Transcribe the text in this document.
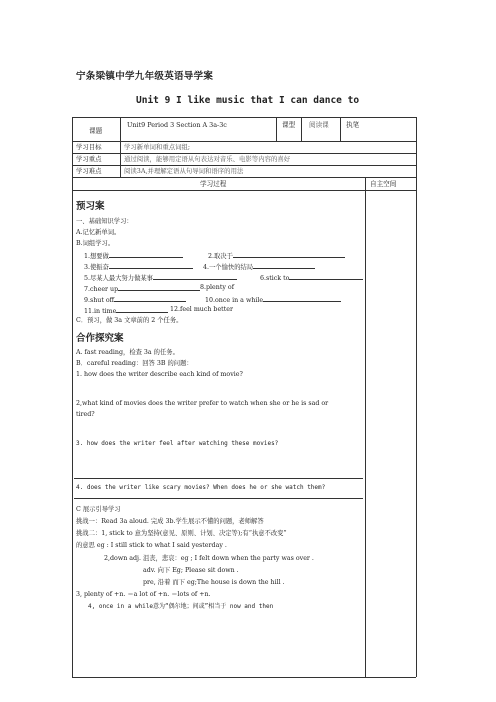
宁条梁镇中学九年级英语导学案
Unit 9 I like music that I can dance to
课题
Unit9 Period 3 Section A 3a-3c	课型 阅读课	执笔
学习目标	学习新单词和重点词组;
学习重点	通过阅读，能够用定语从句表达对音乐、电影等内容的喜好
学习难点	阅读3A,并理解定语从句导词和语序的用法
学习过程	自主空间
预习案
一、基础知识学习：
A.记忆新单词。
B.词组学习。
1.想要做	2.取决于
3.使振奋	4.一个愉快的结局
5.尽某人最大努力做某事	6.stick to
7.cheer up	8.plenty of
9.shut off	10.once in a while
11.in time	12.feel much better
C．预习，做 3a 文章前的 2 个任务。
合作探究案
A. fast reading，检查 3a 的任务。
B．careful reading：回答 3B 的问题：
1. how does the writer describe each kind of movie?
2,what kind of movies does the writer prefer to watch when she or he is sad or
tired?
3. how does the writer feel after watching these movies?
4. does the writer like scary movies? When does he or she watch them?
C 展示引导学习
挑战一：Read 3a aloud. 完成 3b.学生展示不懂的问题，老师解答
挑战二：1, stick to 意为坚持(意见、原则、计划、决定等);有“执意不改变”
的意思 eg : I still stick to what I said yesterday .
2,down adj. 沮丧，悲哀：eg ; I felt down when the party was over .
adv. 向下 Eg; Please sit down .
pre, 沿着 而下 eg;The house is down the hill .
3, plenty of +n. ＝a lot of +n. ＝lots of +n.
4, once in a while意为“偶尔地；间或”相当于 now and then
